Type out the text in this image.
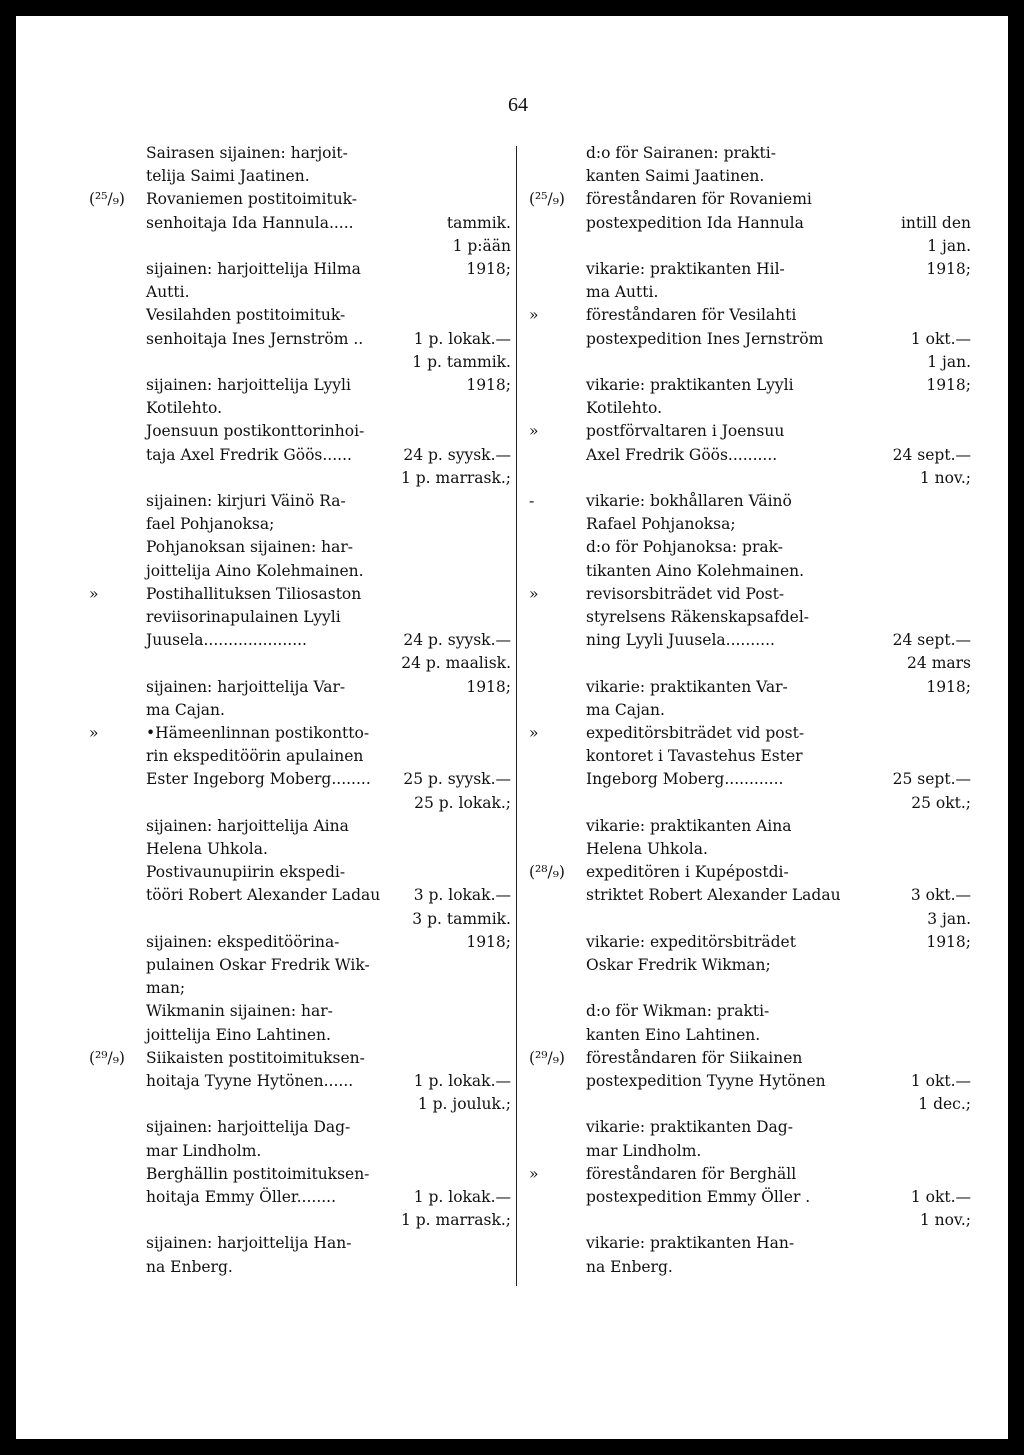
64
Sairasen sijainen: harjoit-
telija Saimi Jaatinen.
Rovaniemen postitoimituk-
senhoitaja Ida Hannula.....
sijainen: harjoittelija Hilma
Autti.
Vesilahden postitoimituk-
senhoitaja Ines Jernström ..
sijainen: harjoittelija Lyyli
Kotilehto.
Joensuun postikonttorinhoi-
taja Axel Fredrik Göös......
sijainen: kirjuri Väinö Ra-
fael Pohjanoksa;
Pohjanoksan sijainen: har-
joittelija Aino Kolehmainen.
Postihallituksen Tiliosaston
reviisorinapulainen Lyyli
Juusela.....................
sijainen: harjoittelija Var-
ma Cajan.
•Hämeenlinnan postikontto-
rin ekspeditöörin apulainen
Ester Ingeborg Moberg........
sijainen: harjoittelija Aina
Helena Uhkola.
Postivaunupiirin ekspedi-
tööri Robert Alexander Ladau
sijainen: ekspeditöörina-
pulainen Oskar Fredrik Wik-
man;
Wikmanin sijainen: har-
joittelija Eino Lahtinen.
Siikaisten postitoimituksen-
hoitaja Tyyne Hytönen......
sijainen: harjoittelija Dag-
mar Lindholm.
Berghällin postitoimituksen-
hoitaja Emmy Öller........
sijainen: harjoittelija Han-
na Enberg.
tammik.
1 p:ään
1918;
1 p. lokak.—
1 p. tammik.
1918;
24 p. syysk.—
1 p. marrask.;
24 p. syysk.—
24 p. maalisk.
1918;
25 p. syysk.—
25 p. lokak.;
3 p. lokak.—
3 p. tammik.
1918;
1 p. lokak.—
1 p. jouluk.;
1 p. lokak.—
1 p. marrask.;
(²⁵/₉)
»
»
(²⁹/₉)
d:o för Sairanen: prakti-
kanten Saimi Jaatinen.
föreståndaren för Rovaniemi
postexpedition Ida Hannula
vikarie: praktikanten Hil-
ma Autti.
föreståndaren för Vesilahti
postexpedition Ines Jernström
vikarie: praktikanten Lyyli
Kotilehto.
postförvaltaren i Joensuu
Axel Fredrik Göös..........
vikarie: bokhållaren Väinö
Rafael Pohjanoksa;
d:o för Pohjanoksa: prak-
tikanten Aino Kolehmainen.
revisorsbiträdet vid Post-
styrelsens Räkenskapsafdel-
ning Lyyli Juusela..........
vikarie: praktikanten Var-
ma Cajan.
expeditörsbiträdet vid post-
kontoret i Tavastehus Ester
Ingeborg Moberg............
vikarie: praktikanten Aina
Helena Uhkola.
expeditören i Kupépostdi-
striktet Robert Alexander Ladau
vikarie: expeditörsbiträdet
Oskar Fredrik Wikman;
d:o för Wikman: prakti-
kanten Eino Lahtinen.
föreståndaren för Siikainen
postexpedition Tyyne Hytönen
vikarie: praktikanten Dag-
mar Lindholm.
föreståndaren för Berghäll
postexpedition Emmy Öller .
vikarie: praktikanten Han-
na Enberg.
intill den
1 jan.
1918;
1 okt.—
1 jan.
1918;
24 sept.—
1 nov.;
24 sept.—
24 mars
1918;
25 sept.—
25 okt.;
3 okt.—
3 jan.
1918;
1 okt.—
1 dec.;
1 okt.—
1 nov.;
(²⁵/₉)
»
»
-
»
»
(²⁸/₉)
(²⁹/₉)
»
